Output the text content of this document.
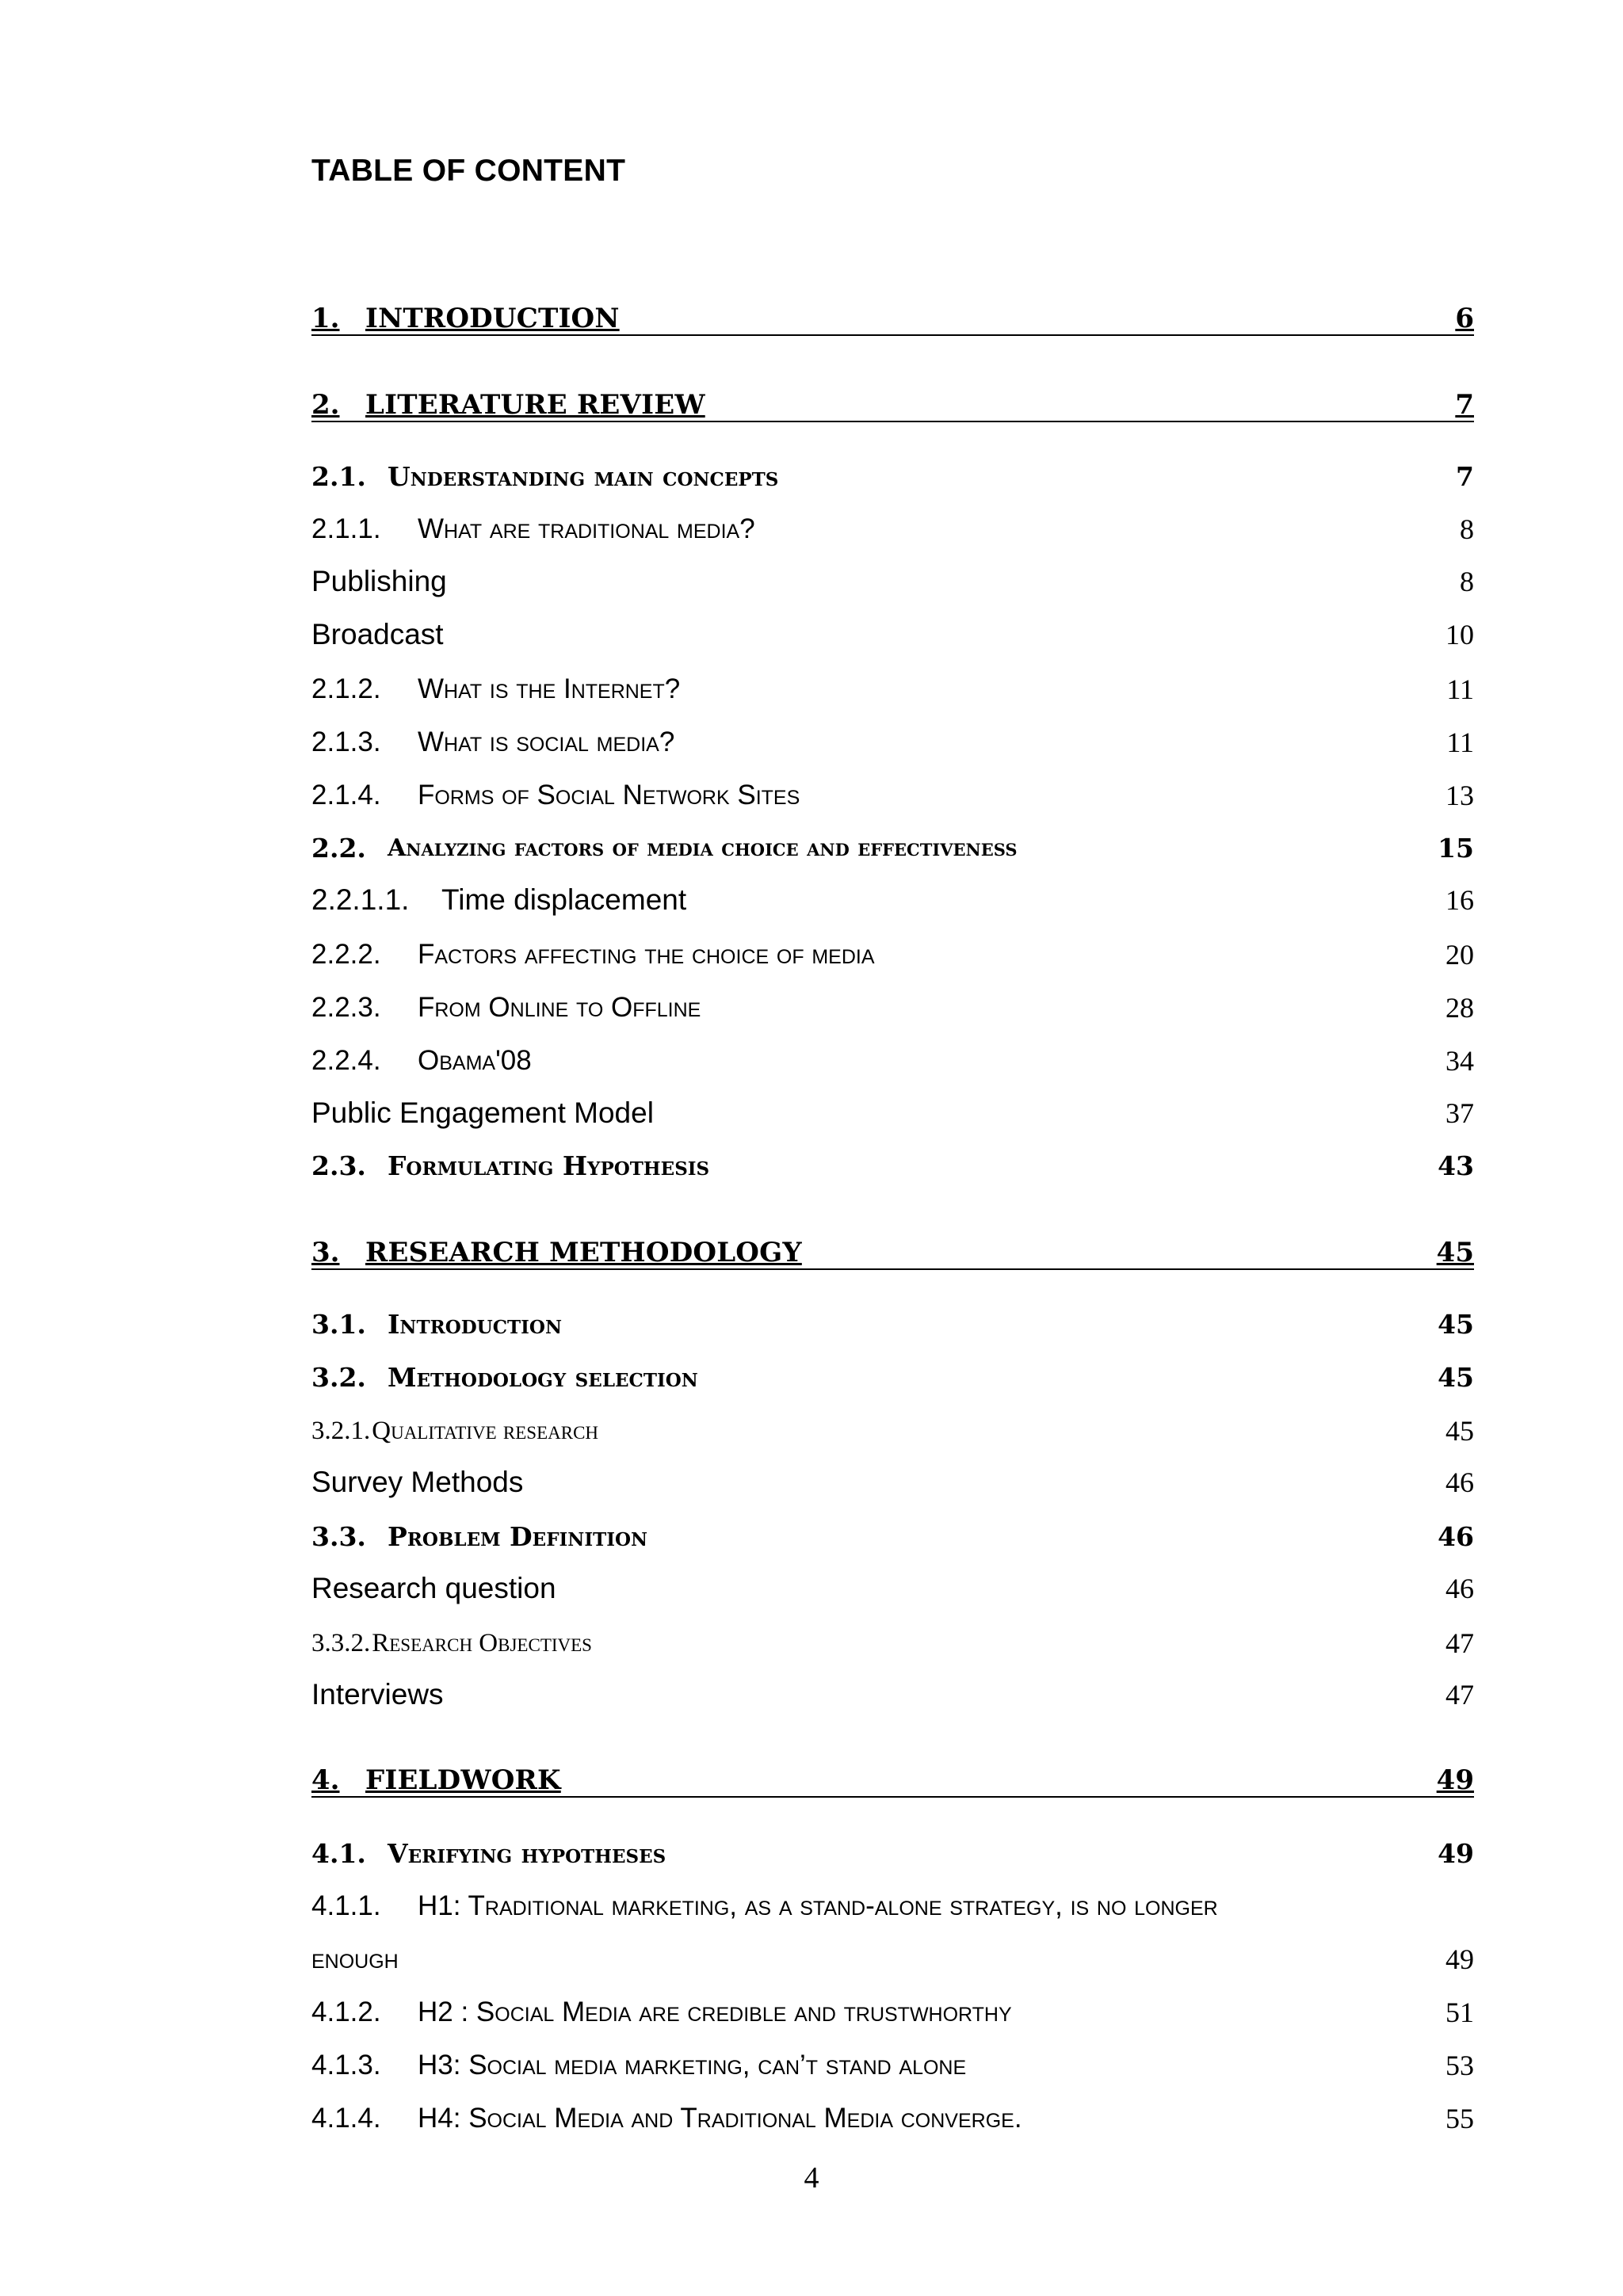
TABLE OF CONTENT
1. INTRODUCTION	6
2. LITERATURE REVIEW	7
2.1. Understanding main concepts	7
2.1.1.	What are traditional media?	8
Publishing	8
Broadcast	10
2.1.2.	What is the Internet?	11
2.1.3.	What is social media?	11
2.1.4.	Forms of Social Network Sites	13
2.2. Analyzing factors of media choice and effectiveness	15
2.2.1.1.	Time displacement	16
2.2.2.	Factors affecting the choice of media	20
2.2.3.	From Online to Offline	28
2.2.4.	Obama'08	34
Public Engagement Model	37
2.3. Formulating Hypothesis	43
3. RESEARCH METHODOLOGY	45
3.1. Introduction	45
3.2. Methodology selection	45
3.2.1. Qualitative research	45
Survey Methods	46
3.3. Problem Definition	46
Research question	46
3.3.2. Research Objectives	47
Interviews	47
4. FIELDWORK	49
4.1. Verifying hypotheses	49
4.1.1.	H1: Traditional marketing, as a stand-alone strategy, is no longer
enough	49
4.1.2.	H2 : Social Media are credible and trustwhorthy	51
4.1.3.	H3: Social media marketing, can’t stand alone	53
4.1.4.	H4: Social Media and Traditional Media converge.	55
4
